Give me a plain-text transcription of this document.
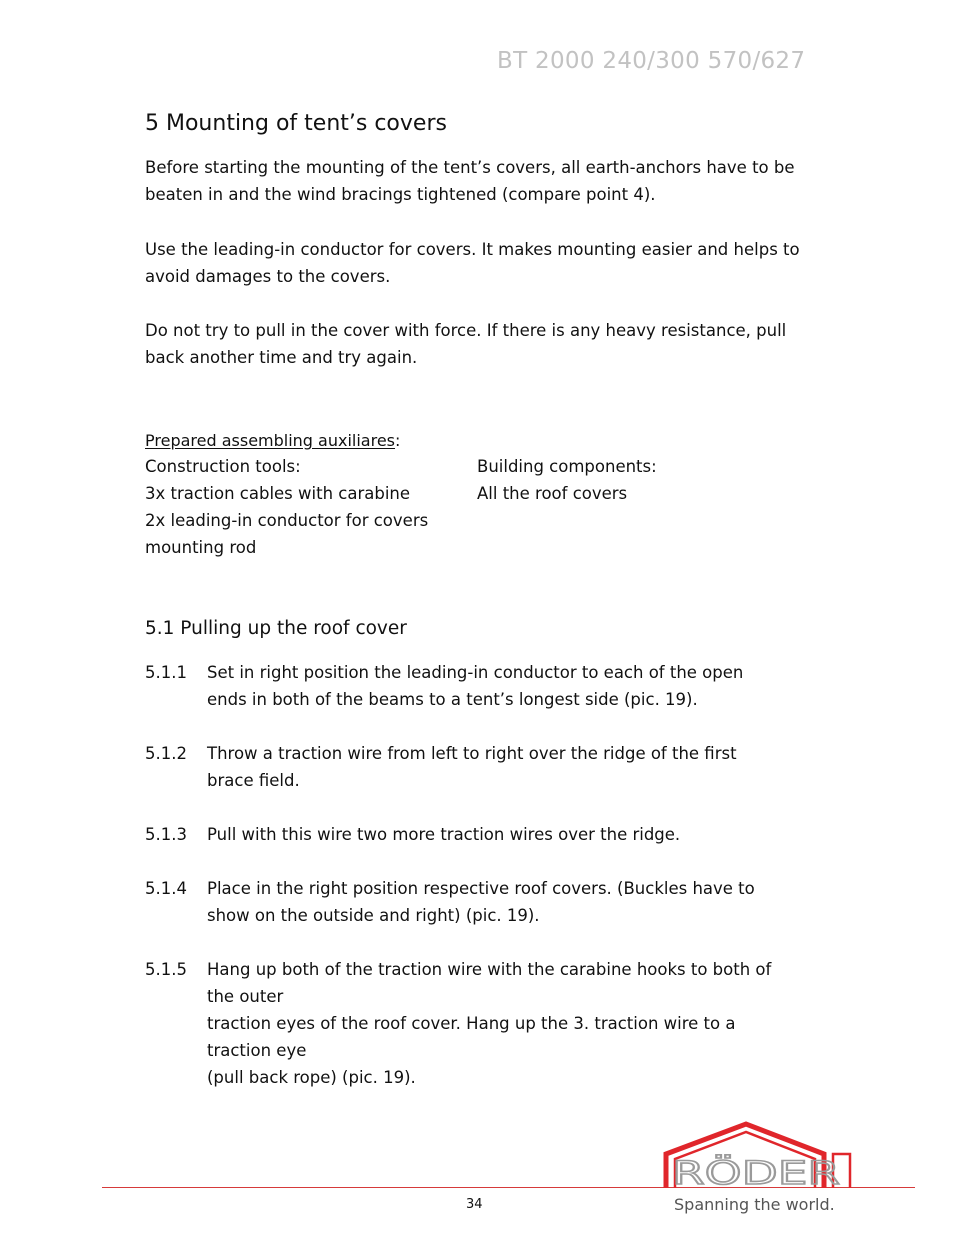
BT 2000 240/300 570/627
5 Mounting of tent’s covers

Before starting the mounting of the tent’s covers, all earth-anchors have to be beaten in and the wind bracings tightened (compare point 4).

Use the leading-in conductor for covers. It makes mounting easier and helps to avoid damages to the covers.

Do not try to pull in the cover with force. If there is any heavy resistance, pull back another time and try again.

Prepared assembling auxiliares:
Construction tools:
3x traction cables with carabine
2x leading-in conductor for covers
mounting rod
Building components:
All the roof covers
5.1 Pulling up the roof cover
5.1.1 Set in right position the leading-in conductor to each of the open
ends in both of the beams to a tent’s longest side (pic. 19).
5.1.2 Throw a traction wire from left to right over the ridge of the first
brace field.
5.1.3 Pull with this wire two more traction wires over the ridge.
5.1.4 Place in the right position respective roof covers. (Buckles have to
show on the outside and right) (pic. 19).
5.1.5 Hang up both of the traction wire with the carabine hooks to both of
the outer
traction eyes of the roof cover. Hang up the 3. traction wire to a
traction eye
(pull back rope) (pic. 19).
34
RÖDER
Spanning the world.
